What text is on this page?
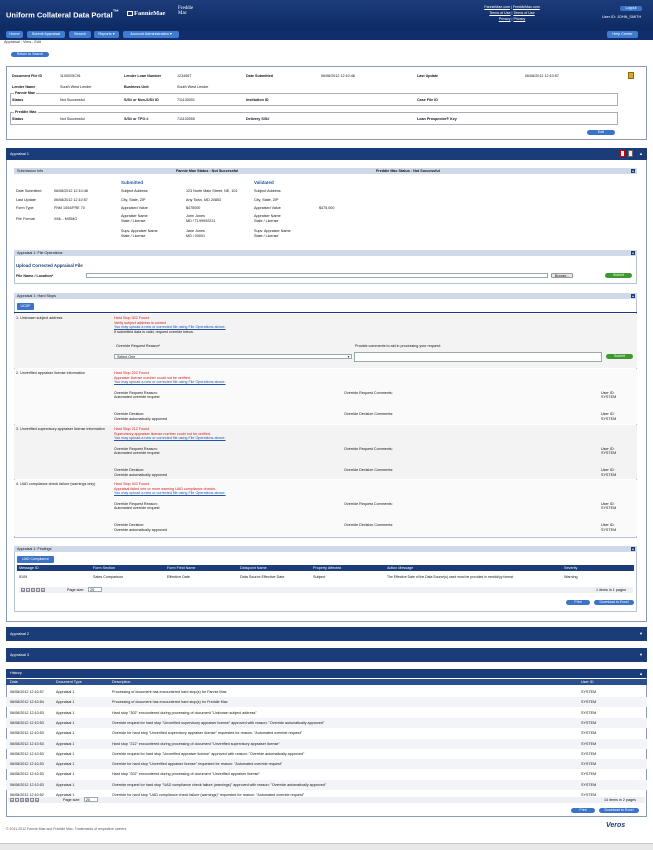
Uniform Collateral Data Portal™	FannieMae
Freddie
Mac
FannieMae.com | FreddieMac.com
Terms of Use | Terms of Use
Privacy | Privacy
Logout
User ID: JOHN_SMITH
Home	Submit Appraisal	Search	Reports ▾	Account Administration ▾	Help Center
Appraisal : View : Edit
Return to Search
Document File ID	1100029C91	Lender Loan Number	1234567	Date Submitted	06/08/2012 12:10:48	Last Update	06/08/2012 12:10:57
Lender Name	South West Lender	Business Unit	South West Lender
Fannie Mae
Status	Not Successful	S/S# or Non-S/S# ID	711130001	Institution ID	Case File ID
Freddie Mac
Status	Not Successful	S/S# or TPO #	711130055	Delivery S/S#	Loan Prospector® Key
Edit
Appraisal 1	▲
Submission Info	Fannie Mae Status : Not Successful	Freddie Mac Status : Not Successful	▲
Submitted	Validated
Date Submitted	06/08/2012 12:10:48
Last Update	06/08/2012 12:10:57
Form Type	FNM 1004/FRE 70
File Format	XML - MISMO
Subject Address	123 North Main Street, NE, 101
City, State, ZIP	Any Town, MD 20853
Appraised Value	$475000
Appraiser Name	John Jones
State / License	MD / TL99992221
Supv. Appraiser Name	Jane Jones
State / License	MD / 00001
Subject Address
City, State, ZIP
Appraised Value	$475,000
Appraiser Name
State / License
Supv. Appraiser Name
State / License
Appraisal 1: File Operations	▲
Upload Corrected Appraisal File
File Name / Location*	Browse...	Submit
Appraisal 1: Hard Stops	▲
UCDP
1. Unknown subject address	Hard Stop 302 Found
Verify subject address is correct
You may upload a new or corrected file using File Operations above.
If submitted data is valid, request override below.
Override Request Reason*	Provide comments to aid in processing your request:
Select One	▼	Submit
2. Unverified appraiser license information	Hard Stop 202 Found
Appraiser license number could not be verified.
You may upload a new or corrected file using File Operations above.
Override Request Reason:
Automated override request
Override Request Comments:	User ID:
SYSTEM
Override Decision:
Override automatically approved
Override Decision Comments:	User ID:
SYSTEM
3. Unverified supervisory appraiser license information	Hard Stop 212 Found
Supervisory appraiser license number could not be verified.
You may upload a new or corrected file using File Operations above.
Override Request Reason:
Automated override request
Override Request Comments:	User ID:
SYSTEM
Override Decision:
Override automatically approved
Override Decision Comments:	User ID:
SYSTEM
4. UAD compliance check failure (warnings only)	Hard Stop 402 Found
Appraisal failed one or more warning UAD compliance checks.
You may upload a new or corrected file using File Operations above.
Override Request Reason:
Automated override request
Override Request Comments:	User ID:
SYSTEM
Override Decision:
Override automatically approved
Override Decision Comments:	User ID:
SYSTEM
Appraisal 1: Findings	▲
UAD Compliance
Message ID	Form Section	Form Field Name	Datapoint Name	Property Affected	Action Message	Severity
5109	Sales Comparison	Effective Date	Data Source Effective Date	Subject	The Effective Date of the Data Source(s) used must be provided in mm/dd/yy format.	Warning
« ‹ 1 › »	Page size: 20	1 items in 1 pages
Print	Download to Excel
Appraisal 2	▼
Appraisal 3	▼
History	▲
Date	Document Type	Description	User ID
06/08/2012 12:10:57	Appraisal 1	Processing of document has encountered hard stop(s) for Fannie Mae	SYSTEM
06/08/2012 12:10:54	Appraisal 1	Processing of document has encountered hard stop(s) for Freddie Mac	SYSTEM
06/08/2012 12:10:53	Appraisal 1	Hard stop "302" encountered during processing of document "Unknown subject address"	SYSTEM
06/08/2012 12:10:53	Appraisal 1	Override request for hard stop "Unverified supervisory appraiser license" approved with reason: "Override automatically approved"	SYSTEM
06/08/2012 12:10:53	Appraisal 1	Override for hard stop "Unverified supervisory appraiser license" requested for reason: "Automated override request"	SYSTEM
06/08/2012 12:10:53	Appraisal 1	Hard stop "212" encountered during processing of document "Unverified supervisory appraiser license"	SYSTEM
06/08/2012 12:10:53	Appraisal 1	Override request for hard stop "Unverified appraiser license" approved with reason: "Override automatically approved"	SYSTEM
06/08/2012 12:10:53	Appraisal 1	Override for hard stop "Unverified appraiser license" requested for reason: "Automated override request"	SYSTEM
06/08/2012 12:10:53	Appraisal 1	Hard stop "202" encountered during processing of document "Unverified appraiser license"	SYSTEM
06/08/2012 12:10:53	Appraisal 1	Override request for hard stop "UAD compliance check failure (warnings)" approved with reason: "Override automatically approved"	SYSTEM
06/08/2012 12:10:52	Appraisal 1	Override for hard stop "UAD compliance check failure (warnings)" requested for reason: "Automated override request"	SYSTEM
« ‹ 1 2 › »	Page size: 20	14 items in 2 pages
Print	Download to Excel
© 2011-2012 Fannie Mae and Freddie Mac. Trademarks of respective owners.	Veros
